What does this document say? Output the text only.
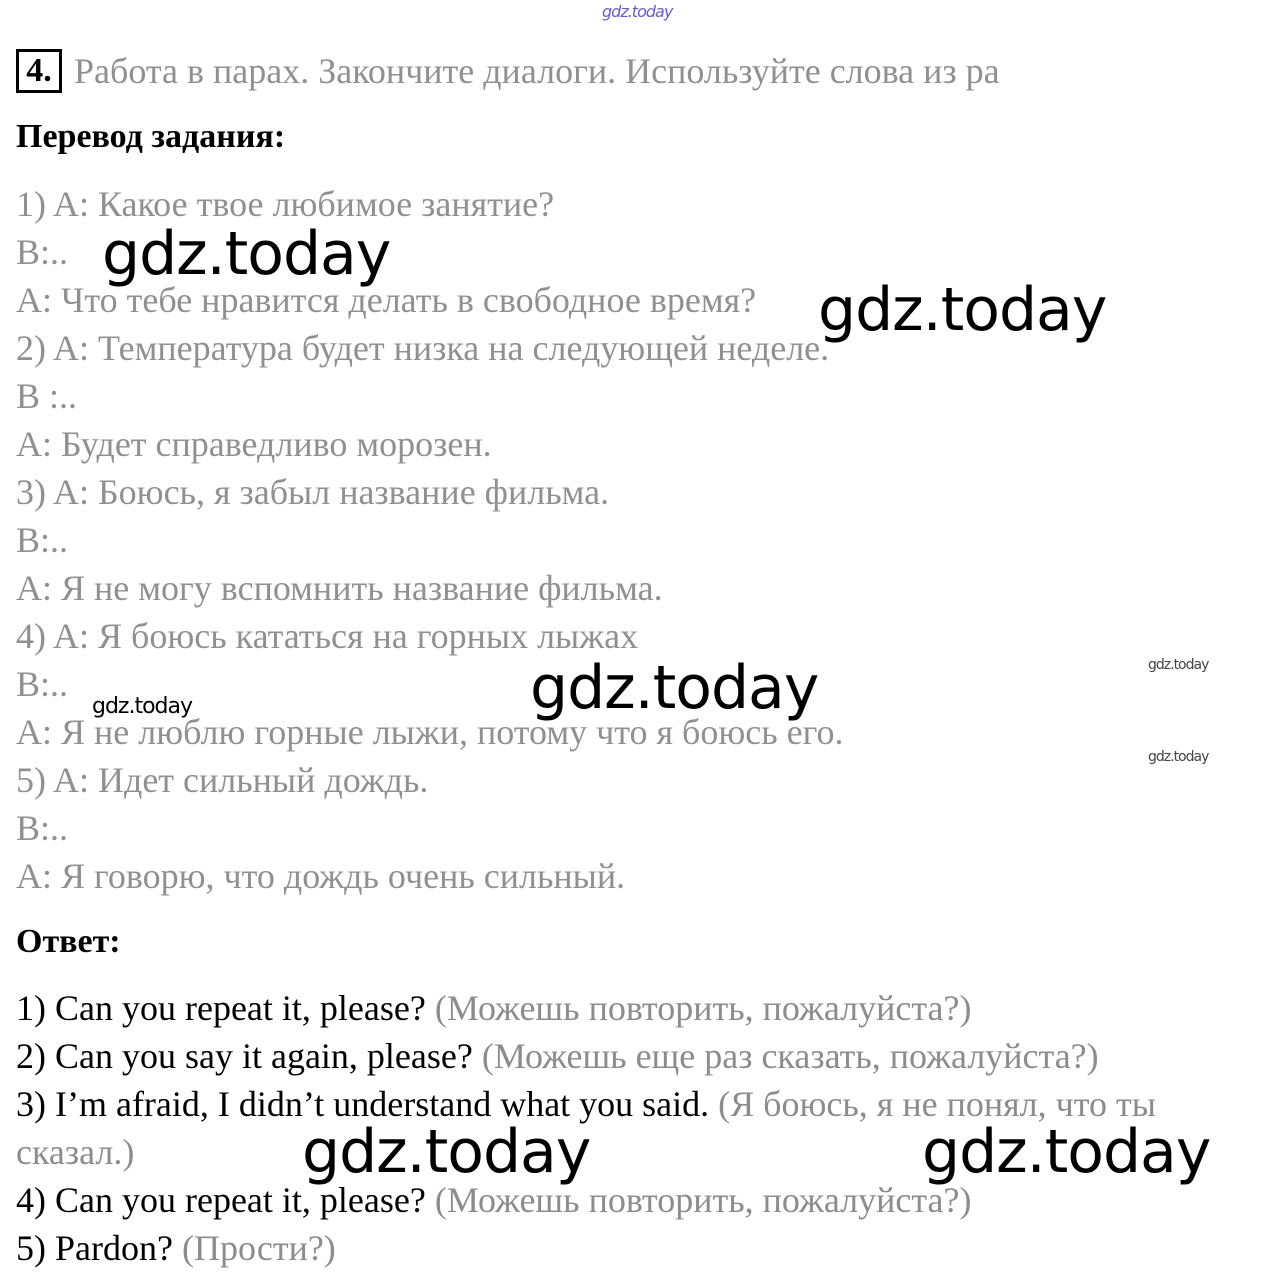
gdz.today
4. Работа в парах. Закончите диалоги. Используйте слова из ра
Перевод задания:
1) A: Какое твое любимое занятие?
B:..
A: Что тебе нравится делать в свободное время?
2) A: Температура будет низка на следующей неделе.
B :..
A: Будет справедливо морозен.
3) A: Боюсь, я забыл название фильма.
B:..
A: Я не могу вспомнить название фильма.
4) A: Я боюсь кататься на горных лыжах
B:..
A: Я не люблю горные лыжи, потому что я боюсь его.
5) A: Идет сильный дождь.
B:..
A: Я говорю, что дождь очень сильный.
Ответ:
1) Can you repeat it, please? (Можешь повторить, пожалуйста?)
2) Can you say it again, please? (Можешь еще раз сказать, пожалуйста?)
3) I’m afraid, I didn’t understand what you said. (Я боюсь, я не понял, что ты
сказал.)
4) Can you repeat it, please? (Можешь повторить, пожалуйста?)
5) Pardon? (Прости?)
gdz.today
gdz.today
gdz.today
gdz.today
gdz.today
gdz.today
gdz.today	gdz.today
